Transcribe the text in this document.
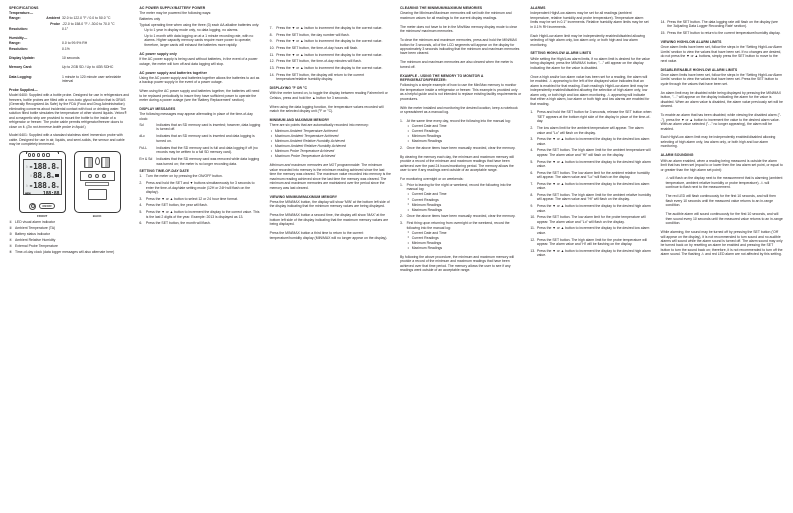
SPECIFICATIONS
Temperature—
Range:	Ambient	32.0 to 122.0 °F / 0.0 to 50.0 °C
	Probe	-22.0 to 158.0 °F / -30.0 to 70.0 °C
Resolution:		0.1°

Humidity—		
Range:		0.0 to 99.9% RH
Resolution:		0.1%

Display Update:		10 seconds

Memory Card:		Up to 2GB SD / Up to 4GB SDHC

Data Logging:		1 minute to 120 minute user selectable interval
Probe Supplied—

Model 6400: Supplied with a bottle probe. Designed for use in refrigerators and freezers, bottle probes are filled with a non-toxic glycol solution that is GRAS (Generally Recognized As Safe) by the FDA (Food and Drug Administration) eliminating concerns about incidental contact with food or drinking water. The solution filled bottle simulates the temperature of other stored liquids. Velcro® and a magnetic strip are provided to mount the bottle to the inside of a refrigerator or freezer. The probe cable permits refrigerator/freezer doors to close on it. (Do not immerse bottle probe in liquid.)

Model 6401: Supplied with a standard stainless steel immersion probe with cable. Designed for use in air, liquids, and semi-solids, the sensor and cable may be completely immersed.

△ -188.8 °F
△ 88.8 %
△ -188.8 °F
MEM	188:88
ON/OFF
FRONT	BACK
① LED visual alarm indicator
② Ambient Temperature (TA)
③ Battery status indicator
④ Ambient Relative Humidity
⑤ External Probe Temperature
⑥ Time-of-day clock (data logger messages will also alternate here)
AC POWER SUPPLY/BATTERY POWER

The meter may be powered the following ways:

Batteries only

Typical operating time when using the three (3) each AA alkaline batteries only:

Up to 1 year in display mode only, no data logging, no alarms.

Up to 1 month with data logging on at a 1 minute recording rate, with no alarms. Higher capacity memory cards require more power to operate; therefore, larger cards will exhaust the batteries more rapidly.

AC power supply only

If the AC power supply is being used without batteries, in the event of a power outage, the meter will turn off and data logging will stop.

AC power supply and batteries together

Using the AC power supply and batteries together allows the batteries to act as a backup power supply in the event of a power outage.

When using the AC power supply and batteries together, the batteries will need to be replaced periodically to insure they have sufficient power to operate the meter during a power outage (see the 'Battery Replacement' section).

DISPLAY MESSAGES

The following messages may appear alternating in place of the time-of-day clock:

Sd	Indicates that an SD memory card is inserted; however, data logging is turned off.
dLc	Indicates that an SD memory card is inserted and data logging is turned on.
FuLL	Indicates that the SD memory card is full and data logging if off (no records may be written to a full SD memory card).
Err & Sd	Indicates that the SD memory card was removed while data logging was turned on; the meter is no longer recording data.
SETTING TIME-OF-DAY DATE
1. Turn the meter on by pressing the ON/OFF button.
2. Press and hold the SET and ▼ buttons simultaneously for 3 seconds to enter the time-of-day/date setting mode (12H or 24H will flash on the display).
3. Press the ▼ or ▲ button to select 12 or 24 hour time format.
4. Press the SET button, the year will flash.
5. Press the ▼ or ▲ button to increment the display to the correct value. This is the last 2 digits of the year. Example: 2013 is displayed as 13.
6. Press the SET button, the month will flash.
7. Press the ▼ or ▲ button to increment the display to the correct value.
8. Press the SET button, the day number will flash.
9. Press the ▼ or ▲ button to increment the display to the correct value.
10. Press the SET button, the time-of-day hours will flash.
11. Press the ▼ or ▲ button to increment the display to the correct value.
12. Press the SET button, the time-of-day minutes will flash.
13. Press the ▼ or ▲ button to increment the display to the correct value.
14. Press the SET button, the display will return to the current temperature/relative humidity display.
DISPLAYING °F OR °C

With the meter turned on, to toggle the display between reading Fahrenheit or Celsius, press and hold the ▲ button for 3 seconds.

When using the data logging function, the temperature values recorded will match the selected display unit (°F or °C).

MINIMUM AND MAXIMUM MEMORY

There are six points that are automatically recorded into memory:

• Minimum Ambient Temperature Achieved
• Maximum Ambient Temperature Achieved
• Minimum Ambient Relative Humidity Achieved
• Maximum Ambient Relative Humidity Achieved
• Minimum Probe Temperature Achieved
• Maximum Probe Temperature Achieved

Minimum and maximum memories are NOT programmable. The minimum value recorded into memory is the minimum reading achieved since the last time the memory was cleared. The maximum value recorded into memory is the maximum reading achieved since the last time the memory was cleared. The minimum and maximum memories are maintained over the period since the memory was last cleared.

VIEWING MINIMUM/MAXIMUM MEMORY

Press the MIN/MAX button, the display will show 'MIN' at the bottom left side of the display indicating that the minimum memory values are being displayed.

Press the MIN/MAX button a second time, the display will show 'MAX' at the bottom left side of the display indicating that the maximum memory values are being displayed.

Press the MIN/MAX button a third time to return to the current temperature/humidity display (MIN/MAX will no longer appear on the display).

CLEARING THE MINIMUM/MAXIMUM MEMORIES

Clearing the Minimum/Maximum memories will set both the minimum and maximum values for all readings to the current display readings.

The meter does not have to be in the Min/Max memory display mode to clear the minimum/ maximum memories.

To clear the minimum and maximum memories, press and hold the MIN/MAX button for 3 seconds, all of the LCD segments will appear on the display for approximately 3 seconds indicating that the minimum and maximum memories have been cleared.

The minimum and maximum memories are also cleared when the meter is turned off.

EXAMPLE - USING THE MEMORY TO MONITOR A REFRIGERATOR/FREEZER:

Following is a simple example of how to use the Min/Max memory to monitor the temperature inside a refrigerator or freezer. This example is provided only as a helpful guide and is not intended to replace existing facility requirements or procedures.

With the meter installed and monitoring the desired location, keep a notebook or spreadsheet as a manual log.

1. At the same time every day, record the following into the manual log:
• Current Date and Time
• Current Readings
• Minimum Readings
• Maximum Readings
2. Once the above items have been manually recorded, clear the memory.

By clearing the memory each day, the minimum and maximum memory will provide a record of the minimum and maximum readings that have been achieved over the past 24 hours/monitoring period. The memory allows the user to see if any readings went outside of an acceptable range.

For monitoring overnight or on weekends:

1. Prior to leaving for the night or weekend, record the following into the manual log:
• Current Date and Time
• Current Readings
• Minimum Readings
• Maximum Readings
2. Once the above items have been manually recorded, clear the memory.
3. First thing upon returning from overnight or the weekend, record the following into the manual log:
• Current Date and Time
• Current Readings
• Minimum Readings
• Maximum Readings

By following the above procedure, the minimum and maximum memory will provide a record of the minimum and maximum readings that have been achieved over that time period. The memory allows the user to see if any readings went outside of an acceptable range.

ALARMS

Independent High/Low alarms may be set for all readings (ambient temperature, relative humidity and probe temperature). Temperature alarm limits may be set in 0.1° increments. Relative humidity alarm limits may be set in 0.1% RH increments.

Each High/Low alarm limit may be independently enabled/disabled allowing selecting of high alarm only, low alarm only, or both high and low alarm monitoring.

SETTING HIGH/LOW ALARM LIMITS

While setting the High/Low alarm limits, if no alarm limit is desired for the value being displayed; press the MIN/MAX button, "- -" will appear on the display indicating the alarm for the value is disabled.

Once a high and/or low alarm value has been set for a reading, the alarm will be enabled. ⚠ appearing to the left of the displayed value indicates that an alarm is enabled for that reading. Each reading's High/Low alarm limit may be independently enabled/disabled allowing the selection of high alarm only, low alarm only, or both high and low alarm monitoring. ⚠ appearing will indicate that either a high alarm, low alarm or both high and low alarms are enabled for that reading.

1. Press and hold the SET button for 3 seconds, release the SET button when 'SET' appears at the bottom right side of the display in place of the time-of-day.
2. The low alarm limit for the ambient temperature will appear. The alarm value and "Lo" will flash on the display.
3. Press the ▼ or ▲ button to increment the display to the desired low alarm value.
4. Press the SET button. The high alarm limit for the ambient temperature will appear. The alarm value and "Hi" will flash on the display.
5. Press the ▼ or ▲ button to increment the display to the desired high alarm value.
6. Press the SET button. The low alarm limit for the ambient relative humidity will appear. The alarm value and "Lo" will flash on the display.
7. Press the ▼ or ▲ button to increment the display to the desired low alarm value.
8. Press the SET button. The high alarm limit for the ambient relative humidity will appear. The alarm value and "Hi" will flash on the display.
9. Press the ▼ or ▲ button to increment the display to the desired high alarm value.
10. Press the SET button. The low alarm limit for the probe temperature will appear. The alarm value and "Lo" will flash on the display.
11. Press the ▼ or ▲ button to increment the display to the desired low alarm value.
12. Press the SET button. The high alarm limit for the probe temperature will appear. The alarm value and 'Hi' will be flashing on the display.
13. Press the ▼ or ▲ button to increment the display to the desired high alarm value.
14. Press the SET button. The data logging rate will flash on the display (see the 'Adjusting Data Logger Recording Rate' section).
15. Press the SET button to return to the current temperature/humidity display.
VIEWING HIGH/LOW ALARM LIMITS

Once alarm limits have been set, follow the steps in the 'Setting High/Low Alarm Limits' section to view the values that have been set. If no changes are desired, do not press the ▼ or ▲ buttons, simply press the SET button to move to the next value.

DISABLE/ENABLE HIGH/LOW ALARM LIMITS

Once alarm limits have been set, follow the steps in the 'Setting High/Low Alarm Limits' section to view the values that have been set. Press the SET button to cycle through the values that have been set.

An alarm limit may be disabled while being displayed by pressing the MIN/MAX button, "- -" will appear on the display indicating the alarm for the value is disabled. When an alarm value is disabled, the alarm value previously set will be cleared.

To enable an alarm that has been disabled; while viewing the disabled alarm ("- -"), press the ▼ or ▲ button to increment the value to the desired alarm value. With an alarm value selected ("- -" no longer appearing), the alarm will be enabled.

Each High/Low alarm limit may be independently enabled/disabled allowing selecting of high alarm only, low alarm only, or both high and low alarm monitoring.

ALARM SOUNDING

With an alarm enabled, when a reading being measured is outside the alarm limit that has been set (equal to or lower then the low alarm set point, or equal to or greater than the high alarm set point):

⚠ will flash on the display next to the measurement that is alarming (ambient temperature, ambient relative humidity or probe temperature). ⚠ will continue to flash next to the measurement.

The red LED will flash continuously for the first 10 seconds, and will then flash every 10 seconds until the measured value returns to an in-range condition.

The audible alarm will sound continuously for the first 10 seconds, and will then sound every 10 seconds until the measured value returns to an in-range condition.

While alarming, the sound may be turned off by pressing the SET button ('Off' will appear on the display), it is not recommended to turn sound and no audible alarms will sound while the alarm sound is turned off. The alarm sound may only be turned back on by resetting an alarm be enabled and pressing the SET button to turn the sound back on; therefore, it is not recommended to turn off the alarm sound. The flashing ⚠ and red LED alarm are not affected by this setting.
